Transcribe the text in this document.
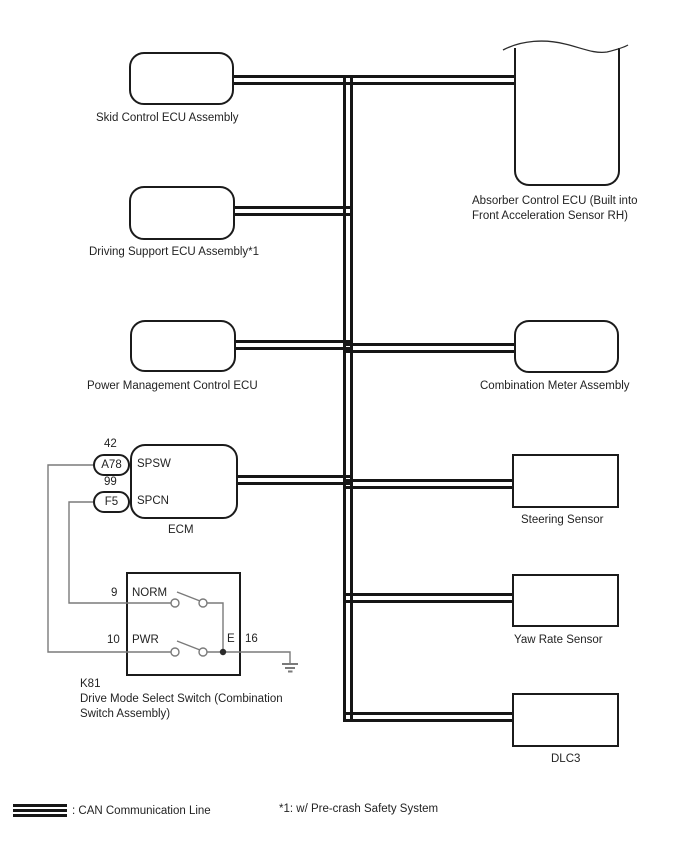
A78
F5
Skid Control ECU Assembly
Driving Support ECU Assembly*1
Power Management Control ECU
ECM
Absorber Control ECU (Built into
Front Acceleration Sensor RH)
Combination Meter Assembly
Steering Sensor
Yaw Rate Sensor
DLC3
42
99
SPSW
SPCN
9 NORM
10 PWR	E 16
K81
Drive Mode Select Switch (Combination
Switch Assembly)
: CAN Communication Line	*1: w/ Pre-crash Safety System
